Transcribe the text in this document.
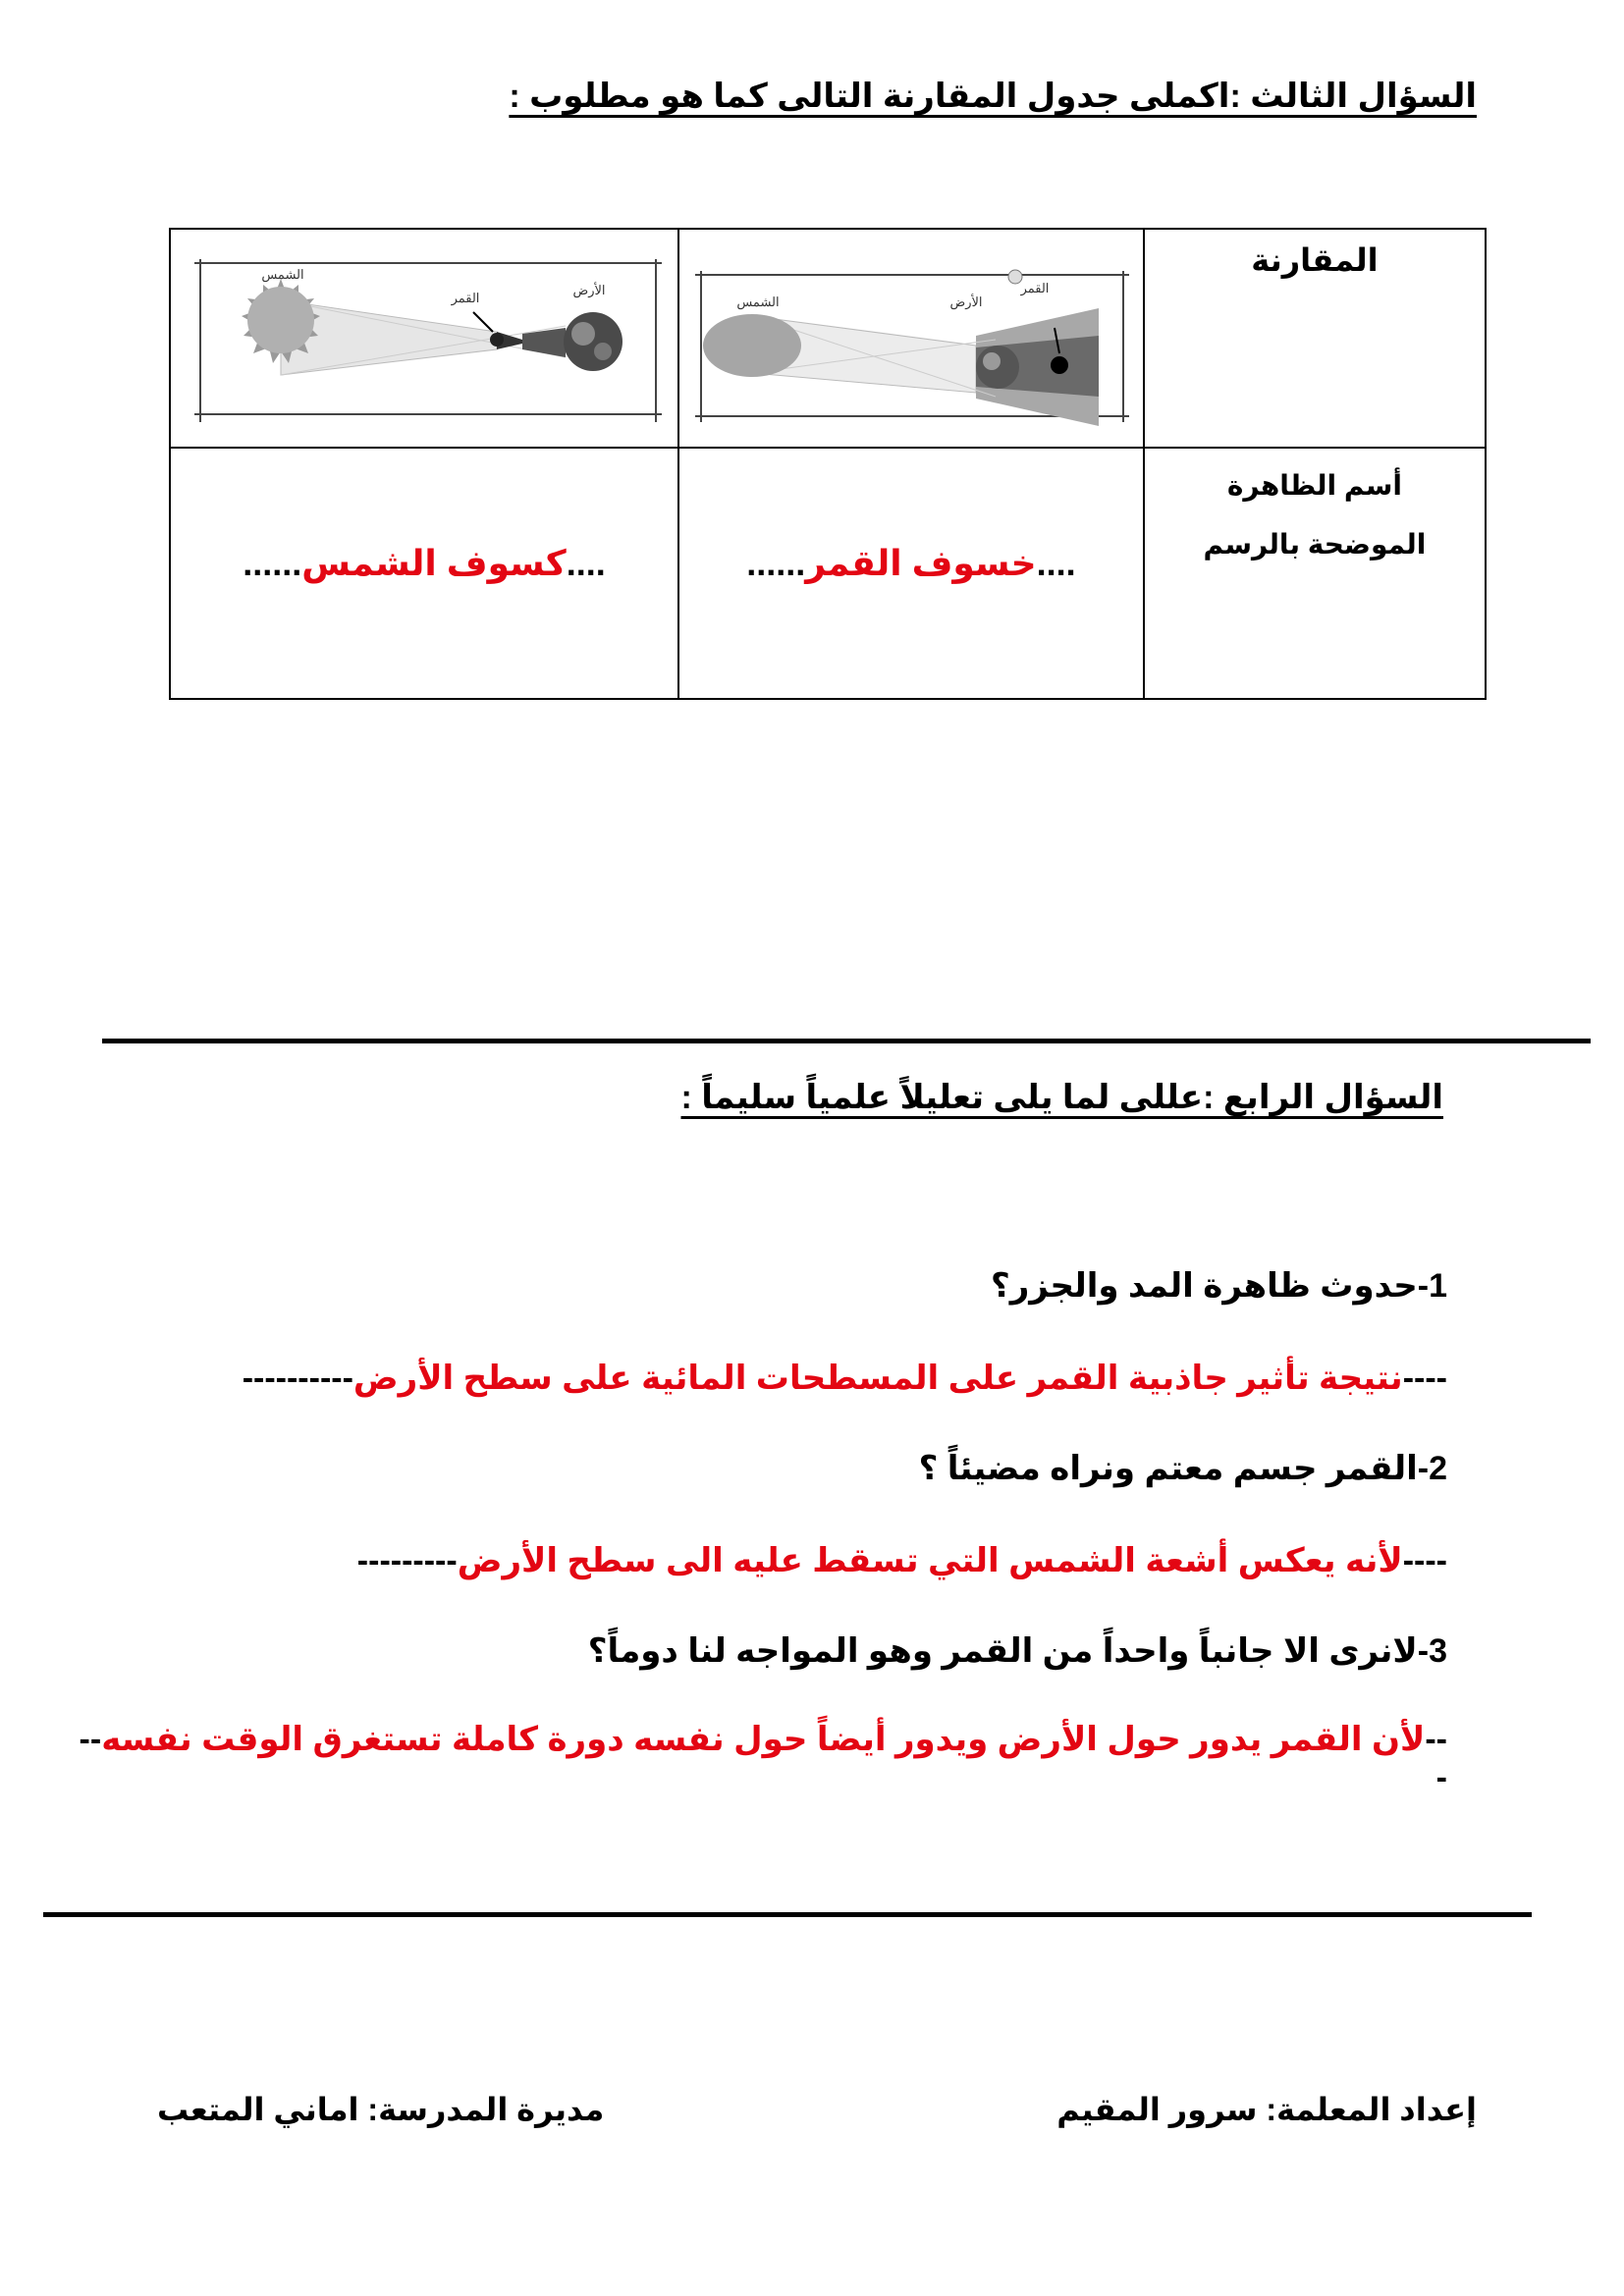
السؤال الثالث :اكملى جدول المقارنة التالى كما هو مطلوب :
المقارنة	الشمس الأرض
القمر	الشمس
الأرض
القمر

أسم الظاهرة
الموضحة بالرسم	....خسوف القمر......	....كسوف الشمس......
السؤال الرابع :عللى لما يلى تعليلاً علمياً سليماً :
1-حدوث ظاهرة المد والجزر؟
----نتيجة تأثير جاذبية القمر على المسطحات المائية على سطح الأرض----------
2-القمر جسم معتم ونراه مضيئاً ؟
----لأنه يعكس أشعة الشمس التي تسقط عليه الى سطح الأرض---------
3-لانرى الا جانباً واحداً من القمر وهو المواجه لنا دوماً؟
--لأن القمر يدور حول الأرض ويدور أيضاً حول نفسه دورة كاملة تستغرق الوقت نفسه---
إعداد المعلمة: سرور المقيم
مديرة المدرسة: اماني المتعب
